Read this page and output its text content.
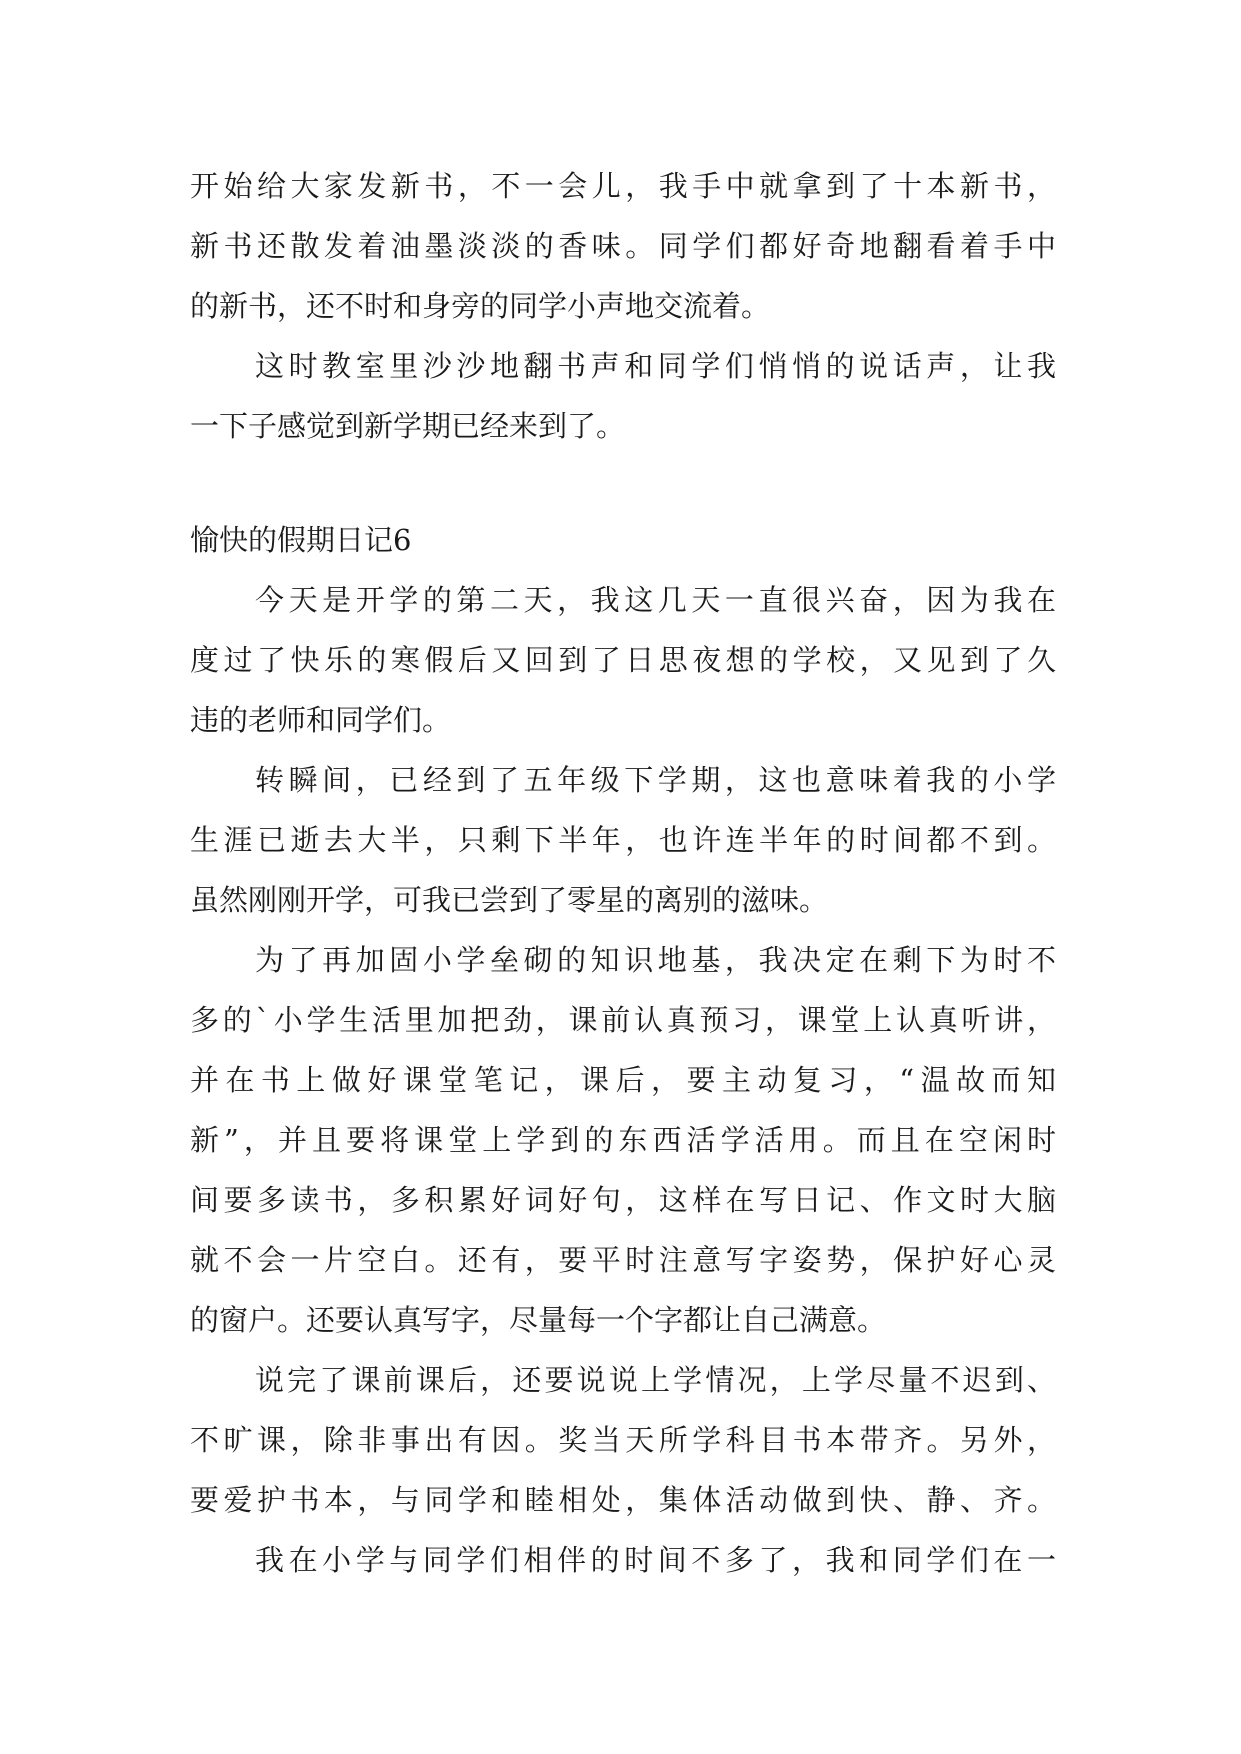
开始给大家发新书，不一会儿，我手中就拿到了十本新书，
新书还散发着油墨淡淡的香味。同学们都好奇地翻看着手中
的新书，还不时和身旁的同学小声地交流着。
这时教室里沙沙地翻书声和同学们悄悄的说话声，让我
一下子感觉到新学期已经来到了。
愉快的假期日记6
今天是开学的第二天，我这几天一直很兴奋，因为我在
度过了快乐的寒假后又回到了日思夜想的学校，又见到了久
违的老师和同学们。
转瞬间，已经到了五年级下学期，这也意味着我的小学
生涯已逝去大半，只剩下半年，也许连半年的时间都不到。
虽然刚刚开学，可我已尝到了零星的离别的滋味。
为了再加固小学垒砌的知识地基，我决定在剩下为时不
多的`小学生活里加把劲，课前认真预习，课堂上认真听讲，
并在书上做好课堂笔记，课后，要主动复习，“温故而知
新”，并且要将课堂上学到的东西活学活用。而且在空闲时
间要多读书，多积累好词好句，这样在写日记、作文时大脑
就不会一片空白。还有，要平时注意写字姿势，保护好心灵
的窗户。还要认真写字，尽量每一个字都让自己满意。
说完了课前课后，还要说说上学情况，上学尽量不迟到、
不旷课，除非事出有因。奖当天所学科目书本带齐。另外，
要爱护书本，与同学和睦相处，集体活动做到快、静、齐。
我在小学与同学们相伴的时间不多了，我和同学们在一
